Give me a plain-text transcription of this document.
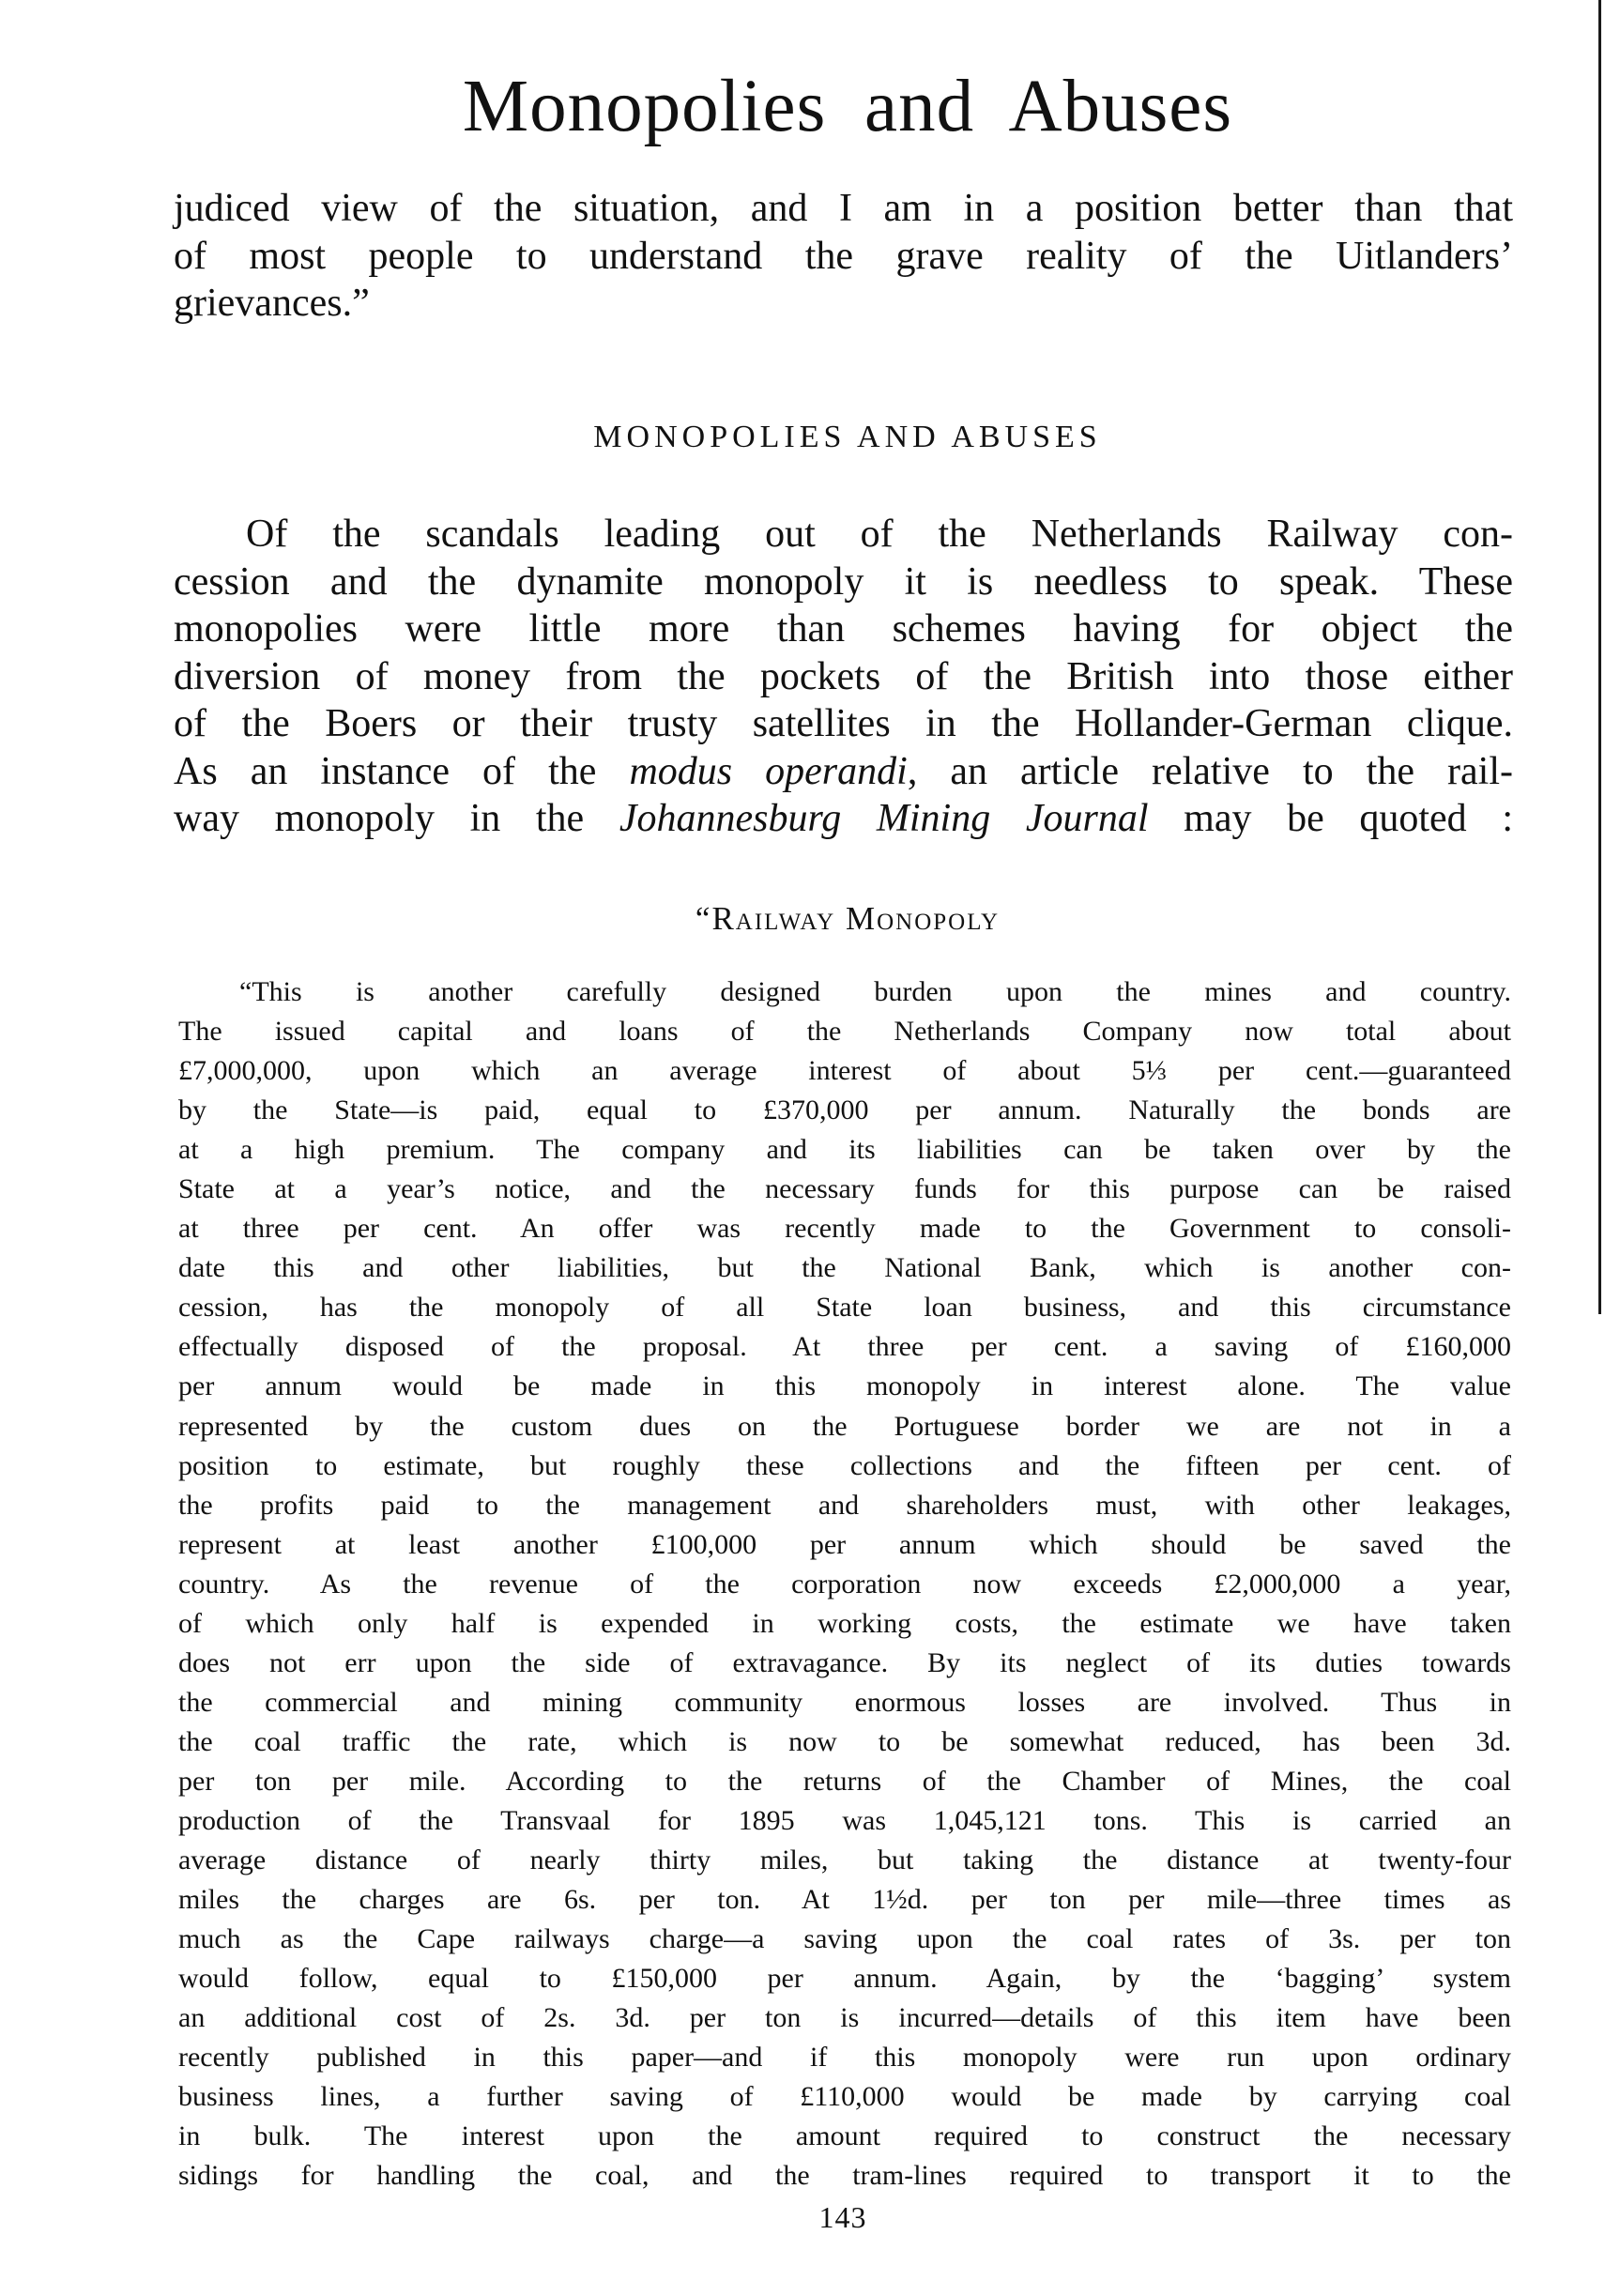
Monopolies and Abuses
judiced view of the situation, and I am in a position better than that
of most people to understand the grave reality of the Uitlanders’
grievances.”
MONOPOLIES AND ABUSES
Of the scandals leading out of the Netherlands Railway con-
cession and the dynamite monopoly it is needless to speak. These
monopolies were little more than schemes having for object the
diversion of money from the pockets of the British into those either
of the Boers or their trusty satellites in the Hollander-German clique.
As an instance of the modus operandi, an article relative to the rail-
way monopoly in the Johannesburg Mining Journal may be quoted :
“Railway Monopoly
“This is another carefully designed burden upon the mines and country.
The issued capital and loans of the Netherlands Company now total about
£7,000,000, upon which an average interest of about 5⅓ per cent.—guaranteed
by the State—is paid, equal to £370,000 per annum. Naturally the bonds are
at a high premium. The company and its liabilities can be taken over by the
State at a year’s notice, and the necessary funds for this purpose can be raised
at three per cent. An offer was recently made to the Government to consoli-
date this and other liabilities, but the National Bank, which is another con-
cession, has the monopoly of all State loan business, and this circumstance
effectually disposed of the proposal. At three per cent. a saving of £160,000
per annum would be made in this monopoly in interest alone. The value
represented by the custom dues on the Portuguese border we are not in a
position to estimate, but roughly these collections and the fifteen per cent. of
the profits paid to the management and shareholders must, with other leakages,
represent at least another £100,000 per annum which should be saved the
country. As the revenue of the corporation now exceeds £2,000,000 a year,
of which only half is expended in working costs, the estimate we have taken
does not err upon the side of extravagance. By its neglect of its duties towards
the commercial and mining community enormous losses are involved. Thus in
the coal traffic the rate, which is now to be somewhat reduced, has been 3d.
per ton per mile. According to the returns of the Chamber of Mines, the coal
production of the Transvaal for 1895 was 1,045,121 tons. This is carried an
average distance of nearly thirty miles, but taking the distance at twenty-four
miles the charges are 6s. per ton. At 1½d. per ton per mile—three times as
much as the Cape railways charge—a saving upon the coal rates of 3s. per ton
would follow, equal to £150,000 per annum. Again, by the ‘bagging’ system
an additional cost of 2s. 3d. per ton is incurred—details of this item have been
recently published in this paper—and if this monopoly were run upon ordinary
business lines, a further saving of £110,000 would be made by carrying coal
in bulk. The interest upon the amount required to construct the necessary
sidings for handling the coal, and the tram-lines required to transport it to the
143
